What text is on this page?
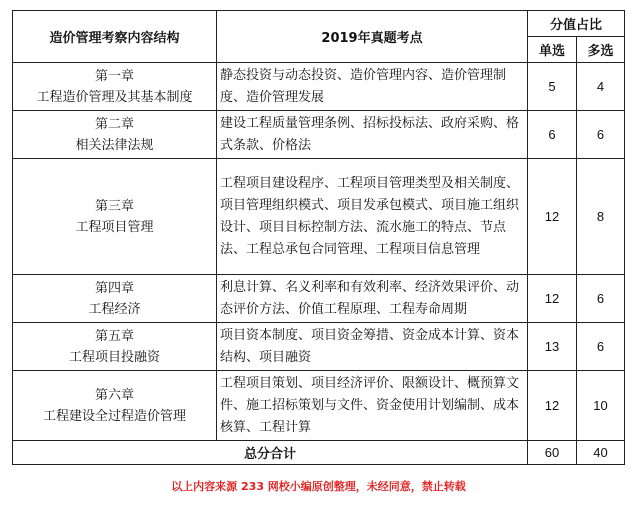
造价管理考察内容结构	2019年真题考点	分值占比	
		单选	多选

第一章
工程造价管理及其基本制度	静态投资与动态投资、造价管理内容、造价管理制度、造价管理发展	5	4

第二章
相关法律法规	建设工程质量管理条例、招标投标法、政府采购、格式条款、价格法	6	6

第三章
工程项目管理	工程项目建设程序、工程项目管理类型及相关制度、项目管理组织模式、项目发承包模式、项目施工组织设计、项目目标控制方法、流水施工的特点、节点法、工程总承包合同管理、工程项目信息管理	12	8

第四章
工程经济	利息计算、名义利率和有效利率、经济效果评价、动态评价方法、价值工程原理、工程寿命周期	12	6

第五章
工程项目投融资	项目资本制度、项目资金筹措、资金成本计算、资本结构、项目融资	13	6

第六章
工程建设全过程造价管理	工程项目策划、项目经济评价、限额设计、概预算文件、施工招标策划与文件、资金使用计划编制、成本核算、工程计算	12	10
总分合计		60	40
以上内容来源 233 网校小编原创整理，未经同意，禁止转载
